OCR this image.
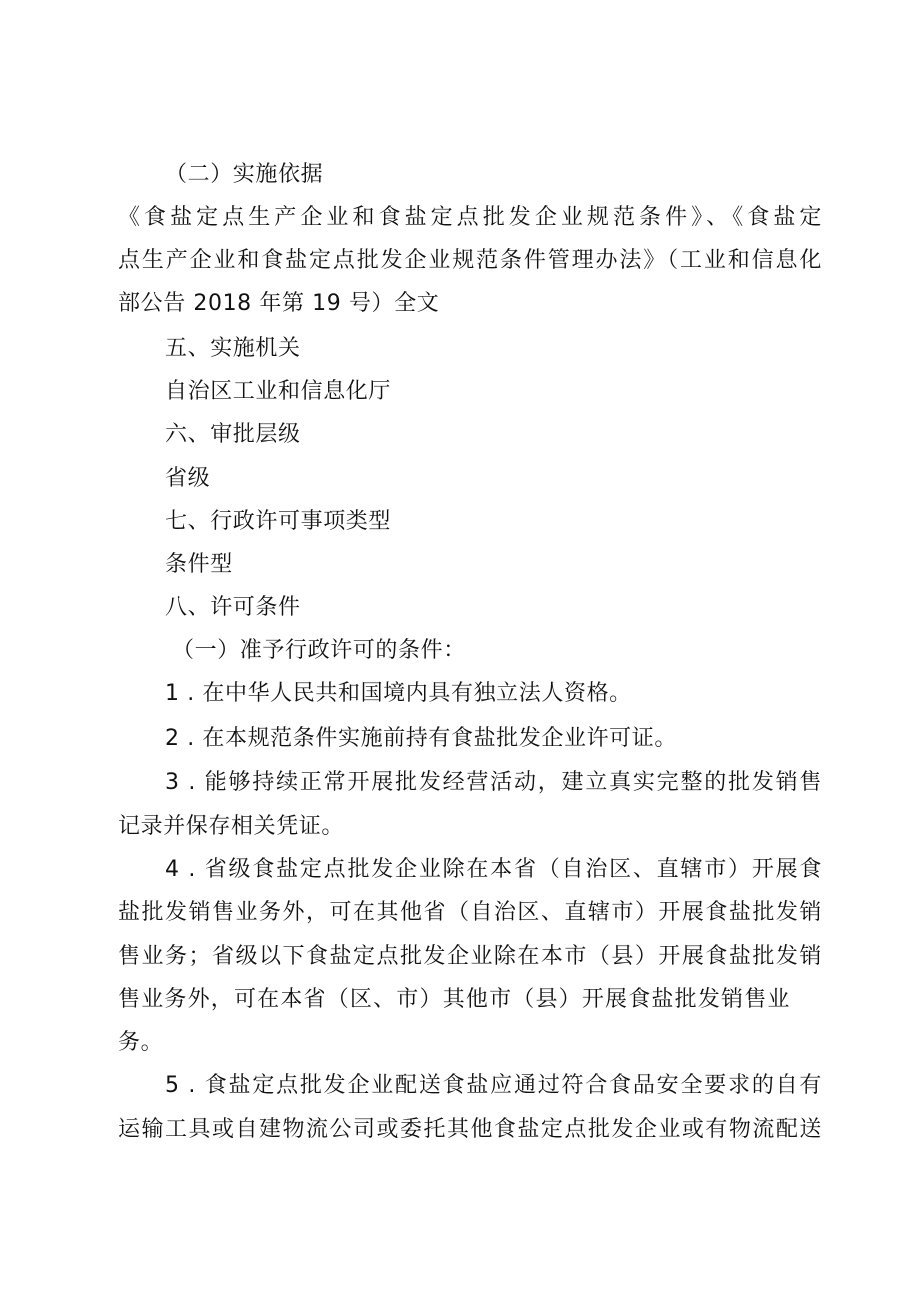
（二）实施依据

《食盐定点生产企业和食盐定点批发企业规范条件》、《食盐定

点生产企业和食盐定点批发企业规范条件管理办法》（工业和信息化

部公告 2018 年第 19 号）全文

五、实施机关

自治区工业和信息化厅

六、审批层级

省级

七、行政许可事项类型

条件型

八、许可条件

（一）准予行政许可的条件：

1 . 在中华人民共和国境内具有独立法人资格。

2 . 在本规范条件实施前持有食盐批发企业许可证。

3 . 能够持续正常开展批发经营活动，建立真实完整的批发销售

记录并保存相关凭证。

4 . 省级食盐定点批发企业除在本省（自治区、直辖市）开展食

盐批发销售业务外，可在其他省（自治区、直辖市）开展食盐批发销

售业务；省级以下食盐定点批发企业除在本市（县）开展食盐批发销

售业务外，可在本省（区、市）其他市（县）开展食盐批发销售业

务。

5 . 食盐定点批发企业配送食盐应通过符合食品安全要求的自有

运输工具或自建物流公司或委托其他食盐定点批发企业或有物流配送
